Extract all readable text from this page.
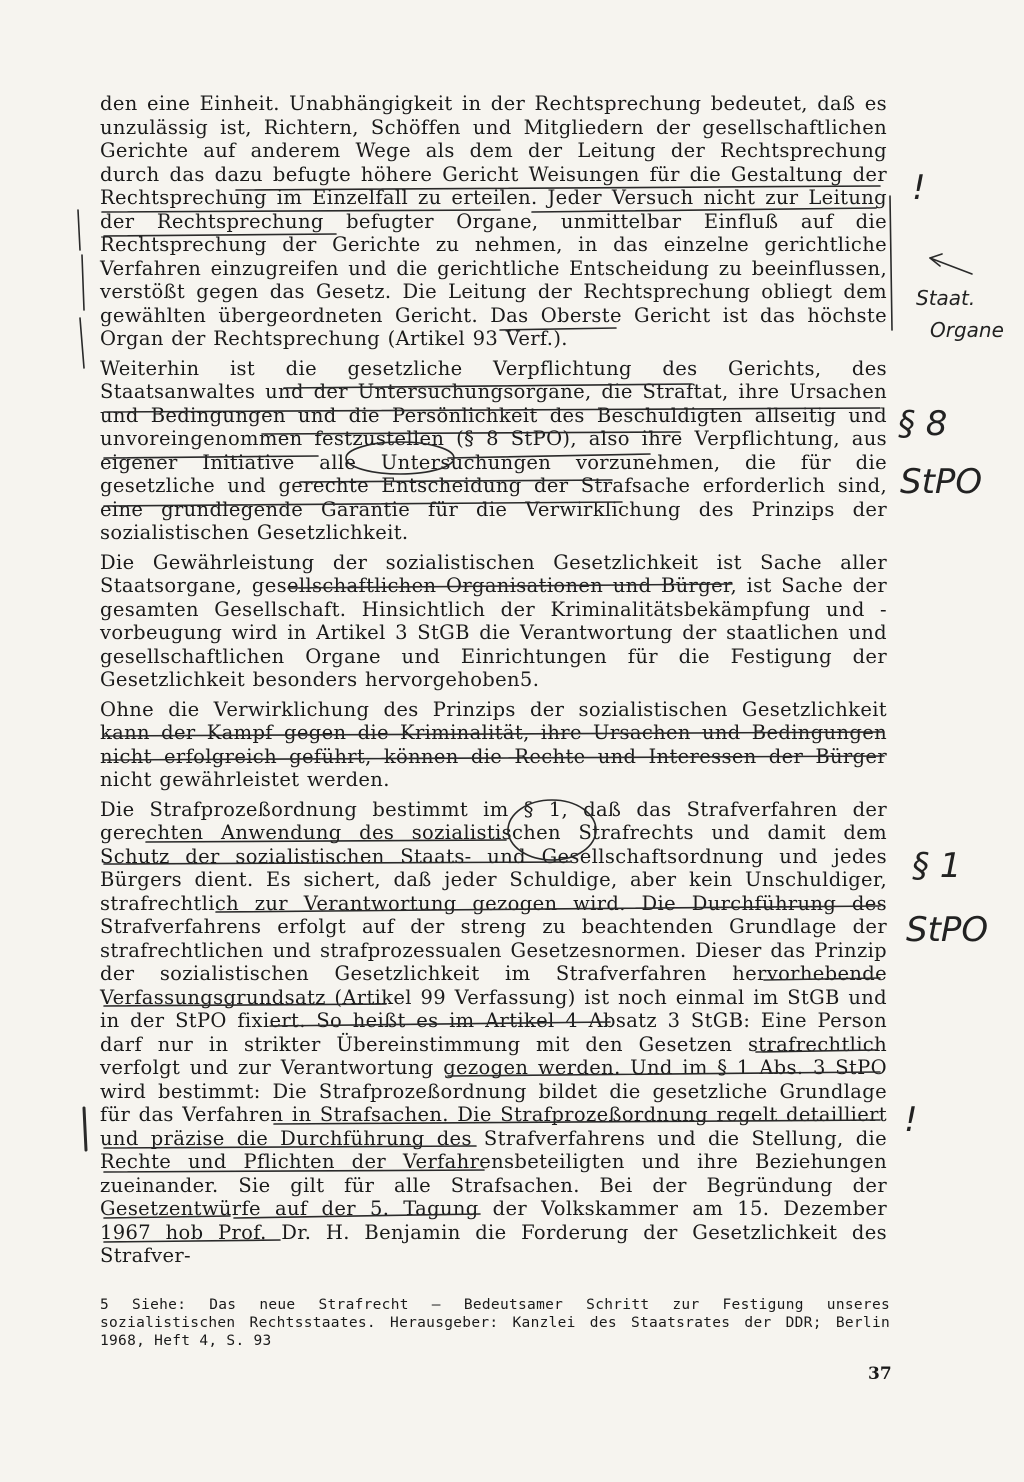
den eine Einheit. Unabhängigkeit in der Rechtsprechung bedeutet, daß es unzulässig ist, Richtern, Schöffen und Mitgliedern der gesellschaftlichen Gerichte auf anderem Wege als dem der Leitung der Rechtsprechung durch das dazu befugte höhere Gericht Weisungen für die Gestaltung der Rechtsprechung im Einzelfall zu erteilen. Jeder Versuch nicht zur Leitung der Rechtsprechung befugter Organe, unmittelbar Einfluß auf die Rechtsprechung der Gerichte zu nehmen, in das einzelne gerichtliche Verfahren einzugreifen und die gerichtliche Entscheidung zu beeinflussen, verstößt gegen das Gesetz. Die Leitung der Rechtsprechung obliegt dem gewählten übergeordneten Gericht. Das Oberste Gericht ist das höchste Organ der Rechtsprechung (Artikel 93 Verf.).

Weiterhin ist die gesetzliche Verpflichtung des Gerichts, des Staatsanwaltes und der Untersuchungsorgane, die Straftat, ihre Ursachen und Bedingungen und die Persönlichkeit des Beschuldigten allseitig und unvoreingenommen festzustellen (§ 8 StPO), also ihre Verpflichtung, aus eigener Initiative alle Untersuchungen vorzunehmen, die für die gesetzliche und gerechte Entscheidung der Strafsache erforderlich sind, eine grundlegende Garantie für die Verwirklichung des Prinzips der sozialistischen Gesetzlichkeit.

Die Gewährleistung der sozialistischen Gesetzlichkeit ist Sache aller Staatsorgane, gesellschaftlichen Organisationen und Bürger, ist Sache der gesamten Gesellschaft. Hinsichtlich der Kriminalitätsbekämpfung und -vorbeugung wird in Artikel 3 StGB die Verantwortung der staatlichen und gesellschaftlichen Organe und Einrichtungen für die Festigung der Gesetzlichkeit besonders hervorgehoben5.

Ohne die Verwirklichung des Prinzips der sozialistischen Gesetzlichkeit kann der Kampf gegen die Kriminalität, ihre Ursachen und Bedingungen nicht erfolgreich geführt, können die Rechte und Interessen der Bürger nicht gewährleistet werden.

Die Strafprozeßordnung bestimmt im § 1, daß das Strafverfahren der gerechten Anwendung des sozialistischen Strafrechts und damit dem Schutz der sozialistischen Staats- und Gesellschaftsordnung und jedes Bürgers dient. Es sichert, daß jeder Schuldige, aber kein Unschuldiger, strafrechtlich zur Verantwortung gezogen wird. Die Durchführung des Strafverfahrens erfolgt auf der streng zu beachtenden Grundlage der strafrechtlichen und strafprozessualen Gesetzesnormen. Dieser das Prinzip der sozialistischen Gesetzlichkeit im Strafverfahren hervorhebende Verfassungsgrundsatz (Artikel 99 Verfassung) ist noch einmal im StGB und in der StPO fixiert. So heißt es im Artikel 4 Absatz 3 StGB: Eine Person darf nur in strikter Übereinstimmung mit den Gesetzen strafrechtlich verfolgt und zur Verantwortung gezogen werden. Und im § 1 Abs. 3 StPO wird bestimmt: Die Strafprozeßordnung bildet die gesetzliche Grundlage für das Verfahren in Strafsachen. Die Strafprozeßordnung regelt detailliert und präzise die Durchführung des Strafverfahrens und die Stellung, die Rechte und Pflichten der Verfahrensbeteiligten und ihre Beziehungen zueinander. Sie gilt für alle Strafsachen. Bei der Begründung der Gesetzentwürfe auf der 5. Tagung der Volkskammer am 15. Dezember 1967 hob Prof. Dr. H. Benjamin die Forderung der Gesetzlichkeit des Strafver-

5 Siehe: Das neue Strafrecht — Bedeutsamer Schritt zur Festigung unseres sozialistischen Rechtsstaates. Herausgeber: Kanzlei des Staatsrates der DDR; Berlin 1968, Heft 4, S. 93
37
!
Staat.
Organe
§ 8
StPO
§ 1
StPO
!
